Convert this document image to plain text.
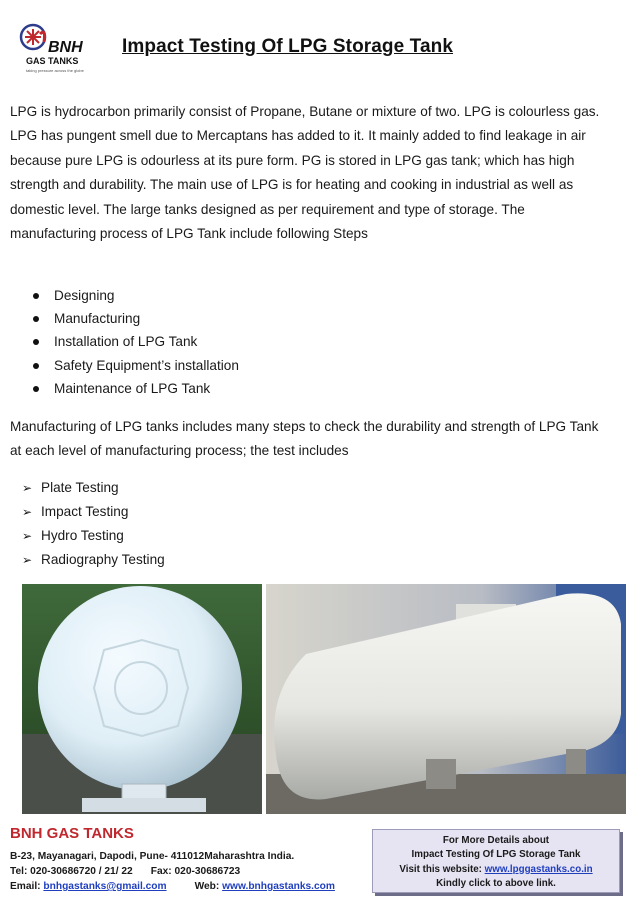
BNH
GAS TANKS
taking pressure across the globe
Impact Testing Of LPG Storage Tank

LPG is hydrocarbon primarily consist of Propane, Butane or mixture of two. LPG is colourless gas. LPG has pungent smell due to Mercaptans has added to it. It mainly added to find leakage in air because pure LPG is odourless at its pure form. PG is stored in LPG gas tank; which has high strength and durability. The main use of LPG is for heating and cooking in industrial as well as domestic level. The large tanks designed as per requirement and type of storage. The manufacturing process of LPG Tank include following Steps

Designing
Manufacturing
Installation of LPG Tank
Safety Equipment’s installation
Maintenance of LPG Tank

Manufacturing of LPG tanks includes many steps to check the durability and strength of LPG Tank at each level of manufacturing process; the test includes

➢ Plate Testing
➢ Impact Testing
➢ Hydro Testing
➢ Radiography Testing

BNH GAS TANKS

B-23, Mayanagari, Dapodi, Pune- 411012Maharashtra India.

Tel: 020-30686720 / 21/ 22 Fax: 020-30686723

Email: bnhgastanks@gmail.com	Web: www.bnhgastanks.com

For More Details about

Impact Testing Of LPG Storage Tank

Visit this website: www.lpggastanks.co.in

Kindly click to above link.
